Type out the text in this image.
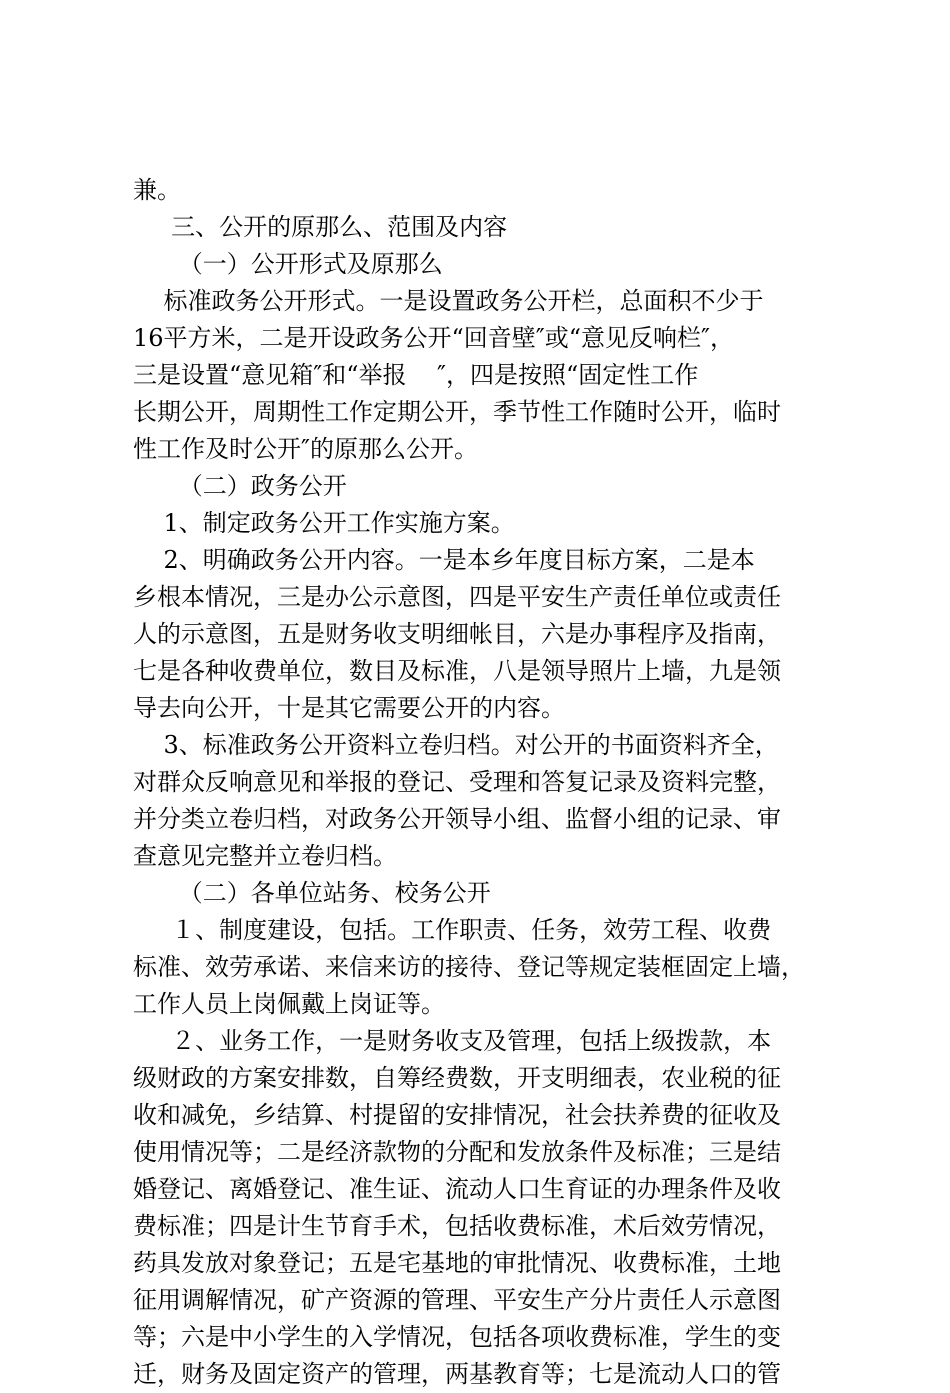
兼。
三、公开的原那么、范围及内容
（一）公开形式及原那么
标准政务公开形式。一是设置政务公开栏，总面积不少于
16平方米，二是开设政务公开“回音壁″或“意见反响栏″，
三是设置“意见箱″和“举报    ″，四是按照“固定性工作
长期公开，周期性工作定期公开，季节性工作随时公开，临时
性工作及时公开″的原那么公开。
（二）政务公开
1、制定政务公开工作实施方案。
2、明确政务公开内容。一是本乡年度目标方案，二是本
乡根本情况，三是办公示意图，四是平安生产责任单位或责任
人的示意图，五是财务收支明细帐目，六是办事程序及指南，
七是各种收费单位，数目及标准，八是领导照片上墙，九是领
导去向公开，十是其它需要公开的内容。
3、标准政务公开资料立卷归档。对公开的书面资料齐全，
对群众反响意见和举报的登记、受理和答复记录及资料完整，
并分类立卷归档，对政务公开领导小组、监督小组的记录、审
查意见完整并立卷归档。
（二）各单位站务、校务公开
１、制度建设，包括。工作职责、任务，效劳工程、收费
标准、效劳承诺、来信来访的接待、登记等规定装框固定上墙，
工作人员上岗佩戴上岗证等。
２、业务工作，一是财务收支及管理，包括上级拨款，本
级财政的方案安排数，自筹经费数，开支明细表，农业税的征
收和减免，乡结算、村提留的安排情况，社会扶养费的征收及
使用情况等；二是经济款物的分配和发放条件及标准；三是结
婚登记、离婚登记、准生证、流动人口生育证的办理条件及收
费标准；四是计生节育手术，包括收费标准，术后效劳情况，
药具发放对象登记；五是宅基地的审批情况、收费标准，土地
征用调解情况，矿产资源的管理、平安生产分片责任人示意图
等；六是中小学生的入学情况，包括各项收费标准，学生的变
迁，财务及固定资产的管理，两基教育等；七是流动人口的管
